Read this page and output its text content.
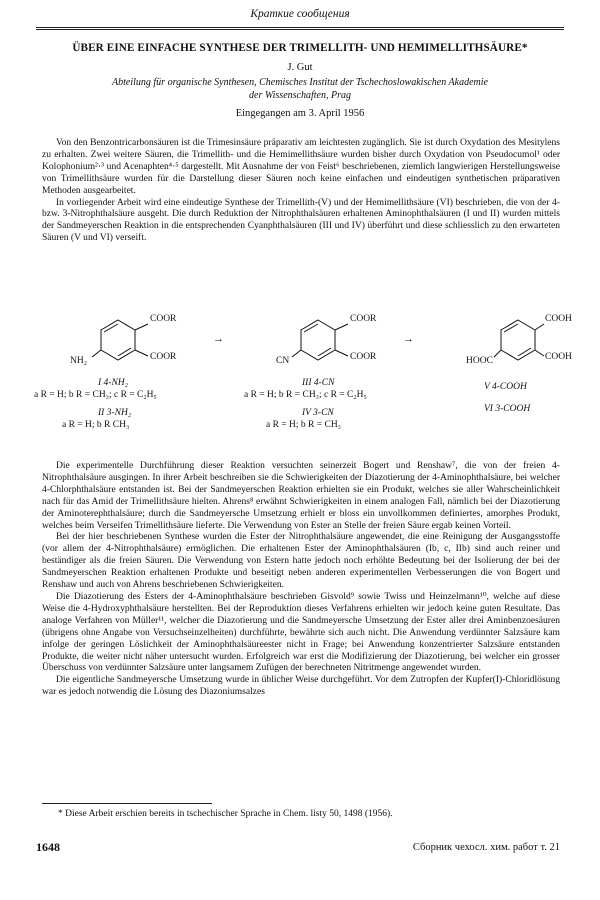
Краткие сообщения
ÜBER EINE EINFACHE SYNTHESE DER TRIMELLITH- UND HEMIMELLITHSÄURE*
J. Gut
Abteilung für organische Synthesen, Chemisches Institut der Tschechoslowakischen Akademie
der Wissenschaften, Prag
Eingegangen am 3. April 1956

Von den Benzontricarbonsäuren ist die Trimesinsäure präparativ am leichtesten zugänglich. Sie ist durch Oxydation des Mesitylens zu erhalten. Zwei weitere Säuren, die Trimellith- und die Hemimellithsäure wurden bisher durch Oxydation von Pseudocumol¹ oder Kolophonium²·³ und Acenaphten⁴·⁵ dargestellt. Mit Ausnahme der von Feist⁶ beschriebenen, ziemlich langwierigen Herstellungsweise von Trimellithsäure wurden für die Darstellung dieser Säuren noch keine einfachen und eindeutigen synthetischen präparativen Methoden ausgearbeitet.

In vorliegender Arbeit wird eine eindeutige Synthese der Trimellith-(V) und der Hemimellithsäure (VI) beschrieben, die von der 4- bzw. 3-Nitrophthalsäure ausgeht. Die durch Reduktion der Nitrophthalsäuren erhaltenen Aminophthalsäuren (I und II) wurden mittels der Sandmeyerschen Reaktion in die entsprechenden Cyanphthalsäuren (III und IV) überführt und diese schliesslich zu den erwarteten Säuren (V und VI) verseift.

COOR
COOR
NH₂
→
COOR
COOR
CN
→
COOH
COOH
HOOC
I 4-NH₂
a R = H; b R = CH₃; c R = C₂H₅
II 3-NH₂
a R = H; b R CH₃
III 4-CN
a R = H; b R = CH₃; c R = C₂H₅
IV 3-CN
a R = H; b R = CH₃
V 4-COOH
VI 3-COOH

Die experimentelle Durchführung dieser Reaktion versuchten seinerzeit Bogert und Renshaw⁷, die von der freien 4-Nitrophthalsäure ausgingen. In ihrer Arbeit beschreiben sie die Schwierigkeiten der Diazotierung der 4-Aminophthalsäure, bei welcher 4-Chlorphthalsäure entstanden ist. Bei der Sandmeyerschen Reaktion erhielten sie ein Produkt, welches sie aller Wahrscheinlichkeit nach für das Amid der Trimellithsäure hielten. Ahrens⁸ erwähnt Schwierigkeiten in einem analogen Fall, nämlich bei der Diazotierung der Aminoterephthalsäure; durch die Sandmeyersche Umsetzung erhielt er bloss ein unvollkommen definiertes, amorphes Produkt, welches beim Verseifen Trimellithsäure lieferte. Die Verwendung von Ester an Stelle der freien Säure ergab keinen Vorteil.

Bei der hier beschriebenen Synthese wurden die Ester der Nitrophthalsäure angewendet, die eine Reinigung der Ausgangsstoffe (vor allem der 4-Nitrophthalsäure) ermöglichen. Die erhaltenen Ester der Aminophthalsäuren (Ib, c, IIb) sind auch reiner und beständiger als die freien Säuren. Die Verwendung von Estern hatte jedoch noch erhöhte Bedeutung bei der Isolierung der bei der Sandmeyerschen Reaktion erhaltenen Produkte und beseitigt neben anderen experimentellen Verbesserungen die von Bogert und Renshaw und auch von Ahrens beschriebenen Schwierigkeiten.

Die Diazotierung des Esters der 4-Aminophthalsäure beschrieben Gisvold⁹ sowie Twiss und Heinzelmann¹⁰, welche auf diese Weise die 4-Hydroxyphthalsäure herstellten. Bei der Reproduktion dieses Verfahrens erhielten wir jedoch keine guten Resultate. Das analoge Verfahren von Müller¹¹, welcher die Diazotierung und die Sandmeyersche Umsetzung der Ester aller drei Aminbenzoesäuren (übrigens ohne Angabe von Versuchseinzelheiten) durchführte, bewährte sich auch nicht. Die Anwendung verdünnter Salzsäure kam infolge der geringen Löslichkeit der Aminophthalsäureester nicht in Frage; bei Anwendung konzentrierter Salzsäure entstanden Produkte, die weiter nicht näher untersucht wurden. Erfolgreich war erst die Modifizierung der Diazotierung, bei welcher ein grosser Überschuss von verdünnter Salzsäure unter langsamem Zufügen der berechneten Nitritmenge angewendet wurden.

Die eigentliche Sandmeyersche Umsetzung wurde in üblicher Weise durchgeführt. Vor dem Zutropfen der Kupfer(I)-Chloridlösung war es jedoch notwendig die Lösung des Diazoniumsalzes

* Diese Arbeit erschien bereits in tschechischer Sprache in Chem. listy 50, 1498 (1956).
1648	Сборник чехосл. хим. работ т. 21
